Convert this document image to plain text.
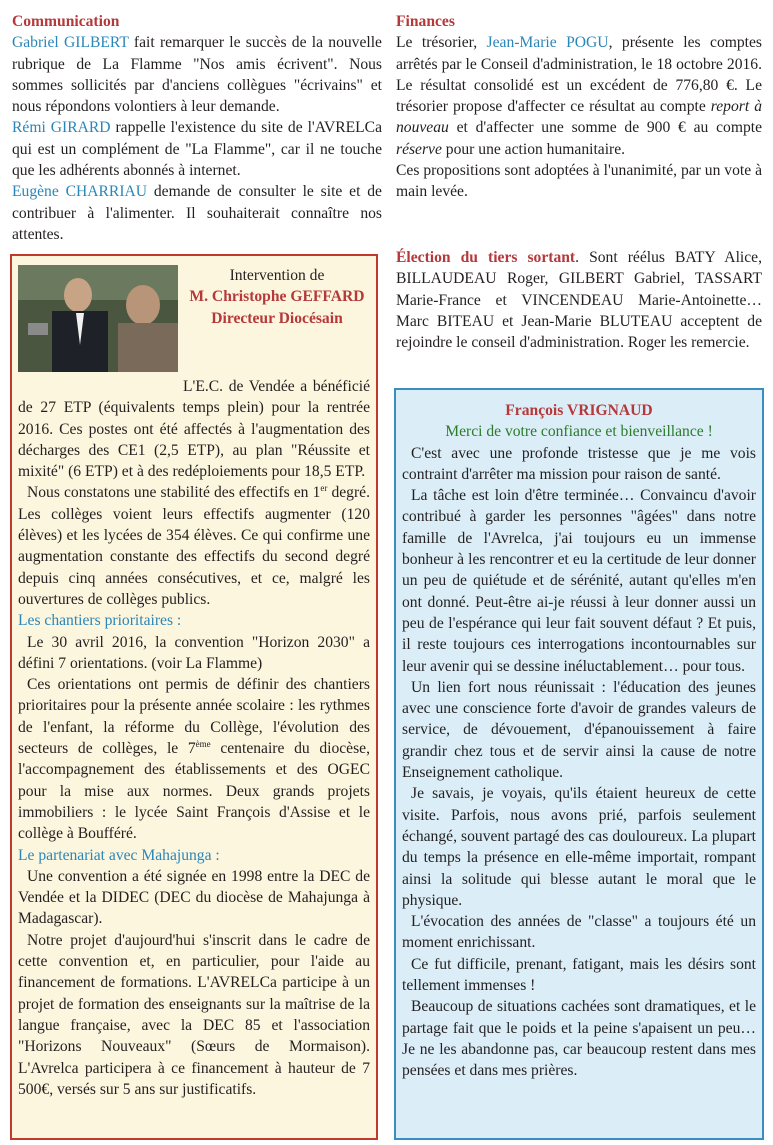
Communication

Gabriel GILBERT fait remarquer le succès de la nouvelle rubrique de La Flamme "Nos amis écrivent". Nous sommes sollicités par d'anciens collègues "écrivains" et nous répondons volontiers à leur demande.

Rémi GIRARD rappelle l'existence du site de l'AVRELCa qui est un complément de "La Flamme", car il ne touche que les adhérents abonnés à internet.

Eugène CHARRIAU demande de consulter le site et de contribuer à l'alimenter. Il souhaiterait connaître nos attentes.

Finances

Le trésorier, Jean-Marie POGU, présente les comptes arrêtés par le Conseil d'administration, le 18 octobre 2016. Le résultat consolidé est un excédent de 776,80 €. Le trésorier propose d'affecter ce résultat au compte report à nouveau et d'affecter une somme de 900 € au compte réserve pour une action humanitaire.

Ces propositions sont adoptées à l'unanimité, par un vote à main levée.

Élection du tiers sortant. Sont réélus BATY Alice, BILLAUDEAU Roger, GILBERT Gabriel, TASSART Marie-France et VINCENDEAU Marie-Antoinette… Marc BITEAU et Jean-Marie BLUTEAU acceptent de rejoindre le conseil d'administration. Roger les remercie.

Intervention de
M. Christophe GEFFARD
Directeur Diocésain

L'E.C. de Vendée a bénéficié de 27 ETP (équivalents temps plein) pour la rentrée 2016. Ces postes ont été affectés à l'augmentation des décharges des CE1 (2,5 ETP), au plan "Réussite et mixité" (6 ETP) et à des redéploiements pour 18,5 ETP.

Nous constatons une stabilité des effectifs en 1er degré. Les collèges voient leurs effectifs augmenter (120 élèves) et les lycées de 354 élèves. Ce qui confirme une augmentation constante des effectifs du second degré depuis cinq années consécutives, et ce, malgré les ouvertures de collèges publics.

Les chantiers prioritaires :

Le 30 avril 2016, la convention "Horizon 2030" a défini 7 orientations. (voir La Flamme)

Ces orientations ont permis de définir des chantiers prioritaires pour la présente année scolaire : les rythmes de l'enfant, la réforme du Collège, l'évolution des secteurs de collèges, le 7ème centenaire du diocèse, l'accompagnement des établissements et des OGEC pour la mise aux normes. Deux grands projets immobiliers : le lycée Saint François d'Assise et le collège à Boufféré.

Le partenariat avec Mahajunga :

Une convention a été signée en 1998 entre la DEC de Vendée et la DIDEC (DEC du diocèse de Mahajunga à Madagascar).

Notre projet d'aujourd'hui s'inscrit dans le cadre de cette convention et, en particulier, pour l'aide au financement de formations. L'AVRELCa participe à un projet de formation des enseignants sur la maîtrise de la langue française, avec la DEC 85 et l'association "Horizons Nouveaux" (Sœurs de Mormaison). L'Avrelca participera à ce financement à hauteur de 7 500€, versés sur 5 ans sur justificatifs.

François VRIGNAUD
Merci de votre confiance et bienveillance !

C'est avec une profonde tristesse que je me vois contraint d'arrêter ma mission pour raison de santé.

La tâche est loin d'être terminée… Convaincu d'avoir contribué à garder les personnes "âgées" dans notre famille de l'Avrelca, j'ai toujours eu un immense bonheur à les rencontrer et eu la certitude de leur donner un peu de quiétude et de sérénité, autant qu'elles m'en ont donné. Peut-être ai-je réussi à leur donner aussi un peu de l'espérance qui leur fait souvent défaut ? Et puis, il reste toujours ces interrogations incontournables sur leur avenir qui se dessine inéluctablement… pour tous.

Un lien fort nous réunissait : l'éducation des jeunes avec une conscience forte d'avoir de grandes valeurs de service, de dévouement, d'épanouissement à faire grandir chez tous et de servir ainsi la cause de notre Enseignement catholique.

Je savais, je voyais, qu'ils étaient heureux de cette visite. Parfois, nous avons prié, parfois seulement échangé, souvent partagé des cas douloureux. La plupart du temps la présence en elle-même importait, rompant ainsi la solitude qui blesse autant le moral que le physique.

L'évocation des années de "classe" a toujours été un moment enrichissant.

Ce fut difficile, prenant, fatigant, mais les désirs sont tellement immenses !

Beaucoup de situations cachées sont dramatiques, et le partage fait que le poids et la peine s'apaisent un peu… Je ne les abandonne pas, car beaucoup restent dans mes pensées et dans mes prières.
